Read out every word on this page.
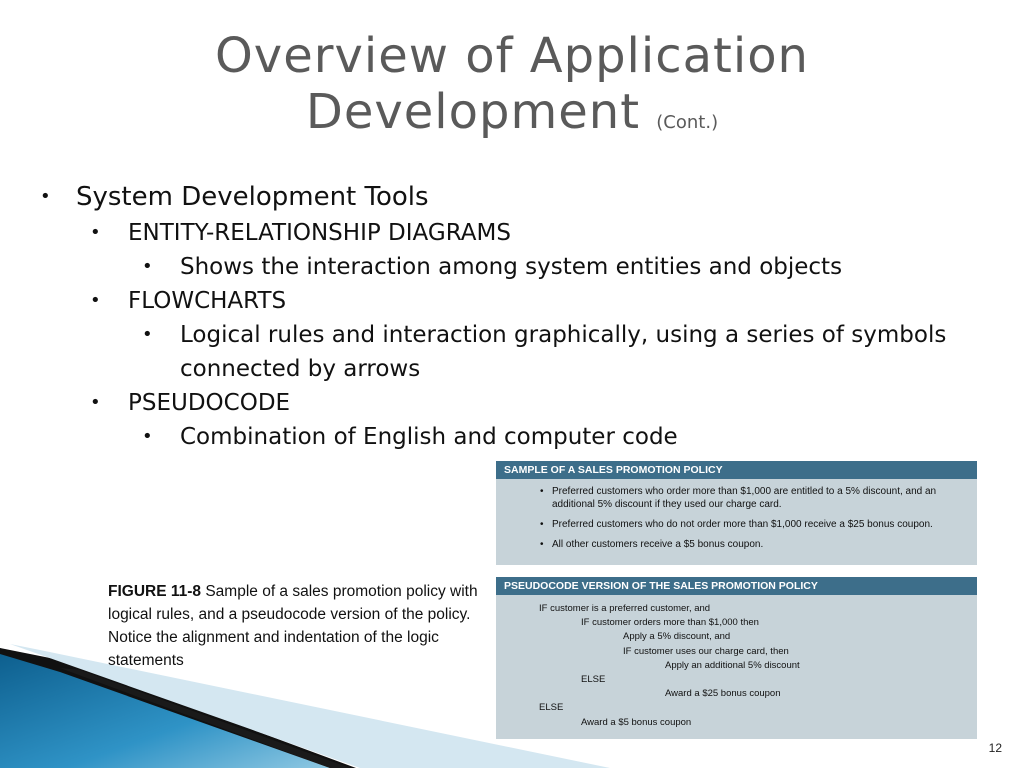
Overview of Application
Development (Cont.)
• System Development Tools
• ENTITY-RELATIONSHIP DIAGRAMS
• Shows the interaction among system entities and objects
• FLOWCHARTS
• Logical rules and interaction graphically, using a series of symbols connected by arrows
• PSEUDOCODE
• Combination of English and computer code
FIGURE 11-8 Sample of a sales promotion policy with logical rules, and a pseudocode version of the policy. Notice the alignment and indentation of the logic statements
SAMPLE OF A SALES PROMOTION POLICY
• Preferred customers who order more than $1,000 are entitled to a 5% discount, and an additional 5% discount if they used our charge card.
• Preferred customers who do not order more than $1,000 receive a $25 bonus coupon.
• All other customers receive a $5 bonus coupon.
PSEUDOCODE VERSION OF THE SALES PROMOTION POLICY
IF customer is a preferred customer, and
IF customer orders more than $1,000 then
Apply a 5% discount, and
IF customer uses our charge card, then
Apply an additional 5% discount
ELSE
Award a $25 bonus coupon
ELSE
Award a $5 bonus coupon
12
